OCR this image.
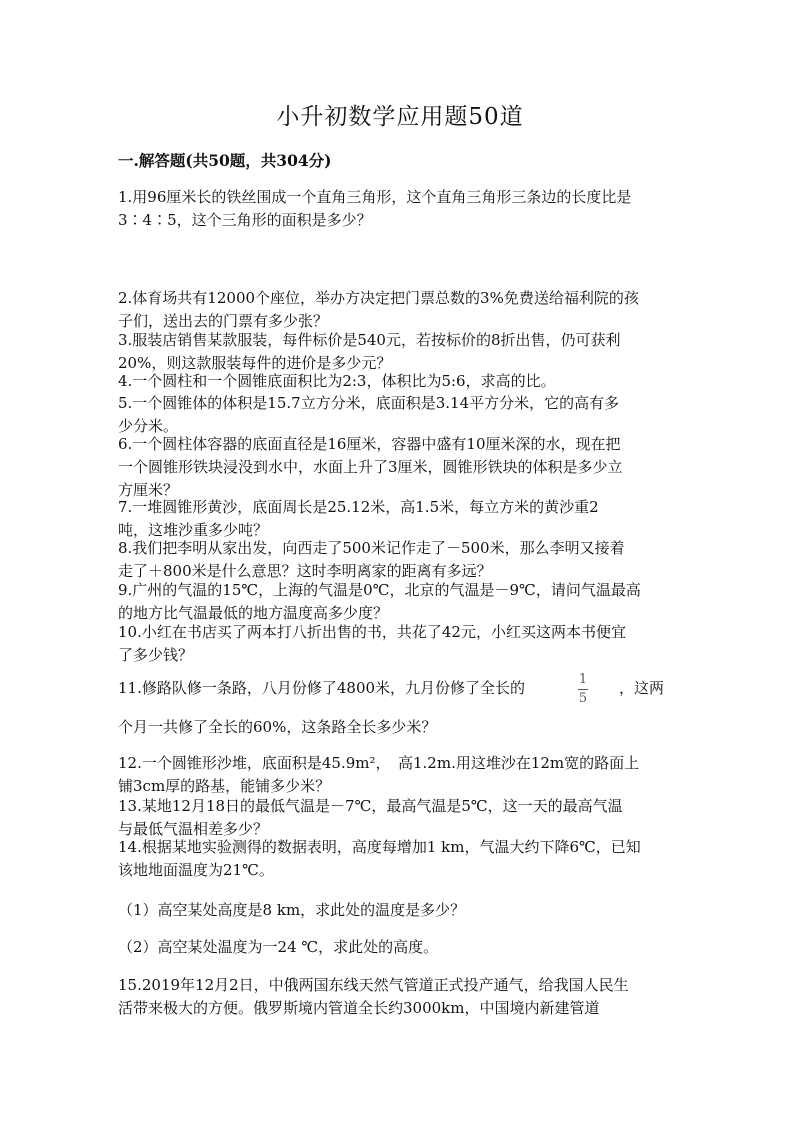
小升初数学应用题50道
一.解答题(共50题，共304分)

1.用96厘米长的铁丝围成一个直角三角形，这个直角三角形三条边的长度比是

3∶4∶5，这个三角形的面积是多少？

2.体育场共有12000个座位，举办方决定把门票总数的3%免费送给福利院的孩

子们，送出去的门票有多少张？

3.服装店销售某款服装，每件标价是540元，若按标价的8折出售，仍可获利

20%，则这款服装每件的进价是多少元？

4.一个圆柱和一个圆锥底面积比为2:3，体积比为5:6，求高的比。

5.一个圆锥体的体积是15.7立方分米，底面积是3.14平方分米，它的高有多

少分米。

6.一个圆柱体容器的底面直径是16厘米，容器中盛有10厘米深的水，现在把

一个圆锥形铁块浸没到水中，水面上升了3厘米，圆锥形铁块的体积是多少立

方厘米？

7.一堆圆锥形黄沙，底面周长是25.12米，高1.5米，每立方米的黄沙重2

吨，这堆沙重多少吨？

8.我们把李明从家出发，向西走了500米记作走了－500米，那么李明又接着

走了＋800米是什么意思？这时李明离家的距离有多远？

9.广州的气温的15℃，上海的气温是0℃，北京的气温是－9℃，请问气温最高

的地方比气温最低的地方温度高多少度？

10.小红在书店买了两本打八折出售的书，共花了42元，小红买这两本书便宜

了多少钱？

11.修路队修一条路，八月份修了4800米，九月份修了全长的	1
5
，这两

个月一共修了全长的60%，这条路全长多少米？

12.一个圆锥形沙堆，底面积是45.9m²，　高1.2m.用这堆沙在12m宽的路面上

铺3cm厚的路基，能铺多少米？

13.某地12月18日的最低气温是－7℃，最高气温是5℃，这一天的最高气温

与最低气温相差多少？

14.根据某地实验测得的数据表明，高度每增加1 km，气温大约下降6℃，已知

该地地面温度为21℃。

（1）高空某处高度是8 km，求此处的温度是多少？

（2）高空某处温度为一24 ℃，求此处的高度。

15.2019年12月2日，中俄两国东线天然气管道正式投产通气，给我国人民生

活带来极大的方便。俄罗斯境内管道全长约3000km，中国境内新建管道
